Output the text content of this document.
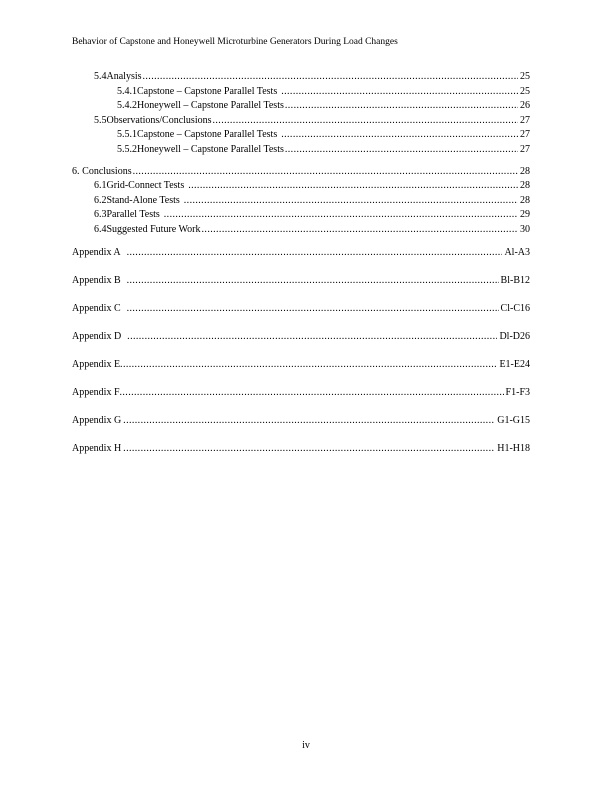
Behavior of Capstone and Honeywell Microturbine Generators During Load Changes
5.4 Analysis .....	25
5.4.1 Capstone – Capstone Parallel Tests .....	25
5.4.2 Honeywell – Capstone Parallel Tests .....	26
5.5 Observations/Conclusions .....	27
5.5.1 Capstone – Capstone Parallel Tests .....	27
5.5.2 Honeywell – Capstone Parallel Tests .....	27
6. Conclusions .....	28
6.1 Grid-Connect Tests .....	28
6.2 Stand-Alone Tests .....	28
6.3 Parallel Tests .....	29
6.4 Suggested Future Work .....	30
Appendix A .....	Al-A3
Appendix B .....	Bl-B12
Appendix C .....	Cl-C16
Appendix D .....	Dl-D26
Appendix E .....	E1-E24
Appendix F .....	F1-F3
Appendix G .....	G1-G15
Appendix H .....	H1-H18
iv
